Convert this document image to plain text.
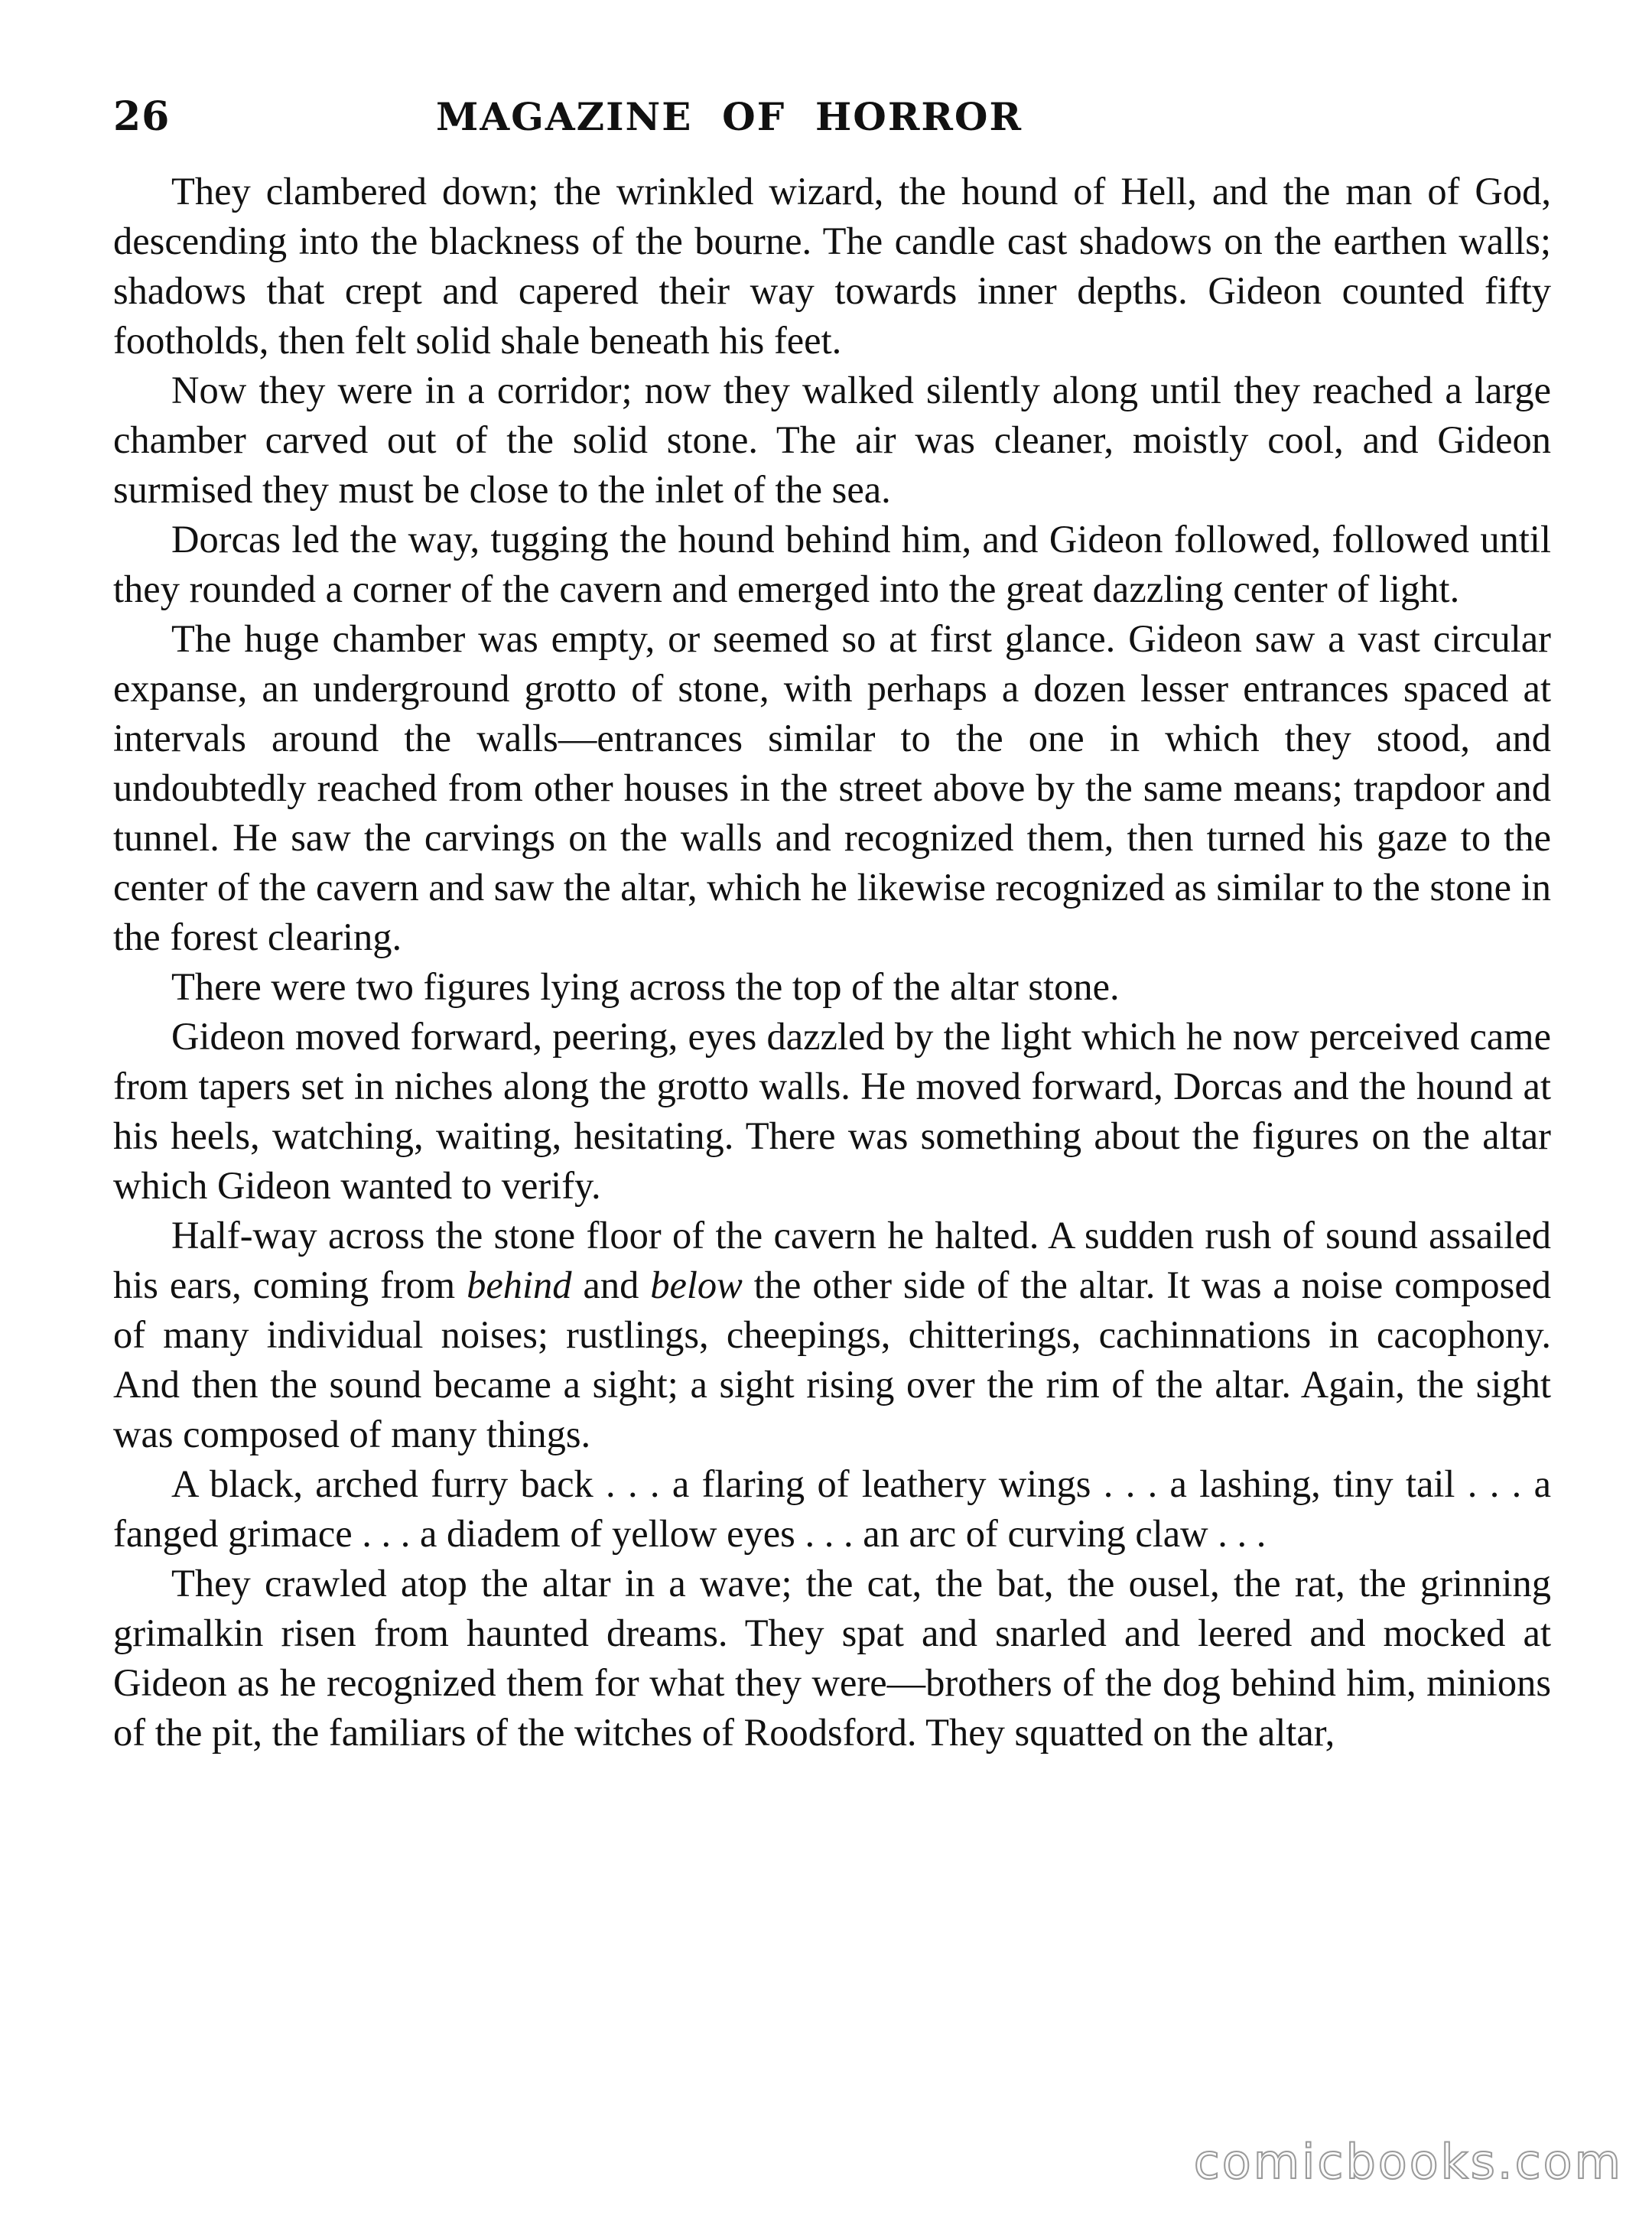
26	MAGAZINE  OF  HORROR

They clambered down; the wrinkled wizard, the hound of Hell, and the man of God, descending into the blackness of the bourne. The candle cast shadows on the earthen walls; shadows that crept and capered their way towards inner depths. Gideon counted fifty footholds, then felt solid shale beneath his feet.

Now they were in a corridor; now they walked silently along until they reached a large chamber carved out of the solid stone. The air was cleaner, moistly cool, and Gideon surmised they must be close to the inlet of the sea.

Dorcas led the way, tugging the hound behind him, and Gideon followed, followed until they rounded a corner of the cavern and emerged into the great dazzling center of light.

The huge chamber was empty, or seemed so at first glance. Gideon saw a vast circular expanse, an underground grotto of stone, with perhaps a dozen lesser entrances spaced at intervals around the walls—entrances similar to the one in which they stood, and undoubtedly reached from other houses in the street above by the same means; trapdoor and tunnel. He saw the carvings on the walls and recognized them, then turned his gaze to the center of the cavern and saw the altar, which he likewise recognized as similar to the stone in the forest clearing.

There were two figures lying across the top of the altar stone.

Gideon moved forward, peering, eyes dazzled by the light which he now perceived came from tapers set in niches along the grotto walls. He moved forward, Dorcas and the hound at his heels, watching, waiting, hesitating. There was something about the figures on the altar which Gideon wanted to verify.

Half-way across the stone floor of the cavern he halted. A sudden rush of sound assailed his ears, coming from behind and below the other side of the altar. It was a noise composed of many individual noises; rustlings, cheepings, chitterings, cachinnations in cacophony. And then the sound became a sight; a sight rising over the rim of the altar. Again, the sight was composed of many things.

A black, arched furry back . . . a flaring of leathery wings . . . a lashing, tiny tail . . . a fanged grimace . . . a diadem of yellow eyes . . . an arc of curving claw . . .

They crawled atop the altar in a wave; the cat, the bat, the ousel, the rat, the grinning grimalkin risen from haunted dreams. They spat and snarled and leered and mocked at Gideon as he recognized them for what they were—brothers of the dog behind him, minions of the pit, the familiars of the witches of Roodsford. They squatted on the altar,

comicbooks.com
